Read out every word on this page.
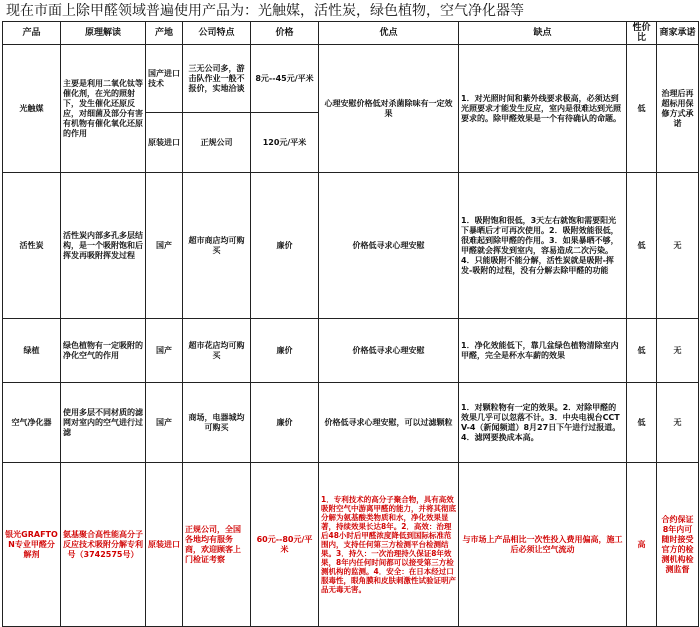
现在市面上除甲醛领域普遍使用产品为：光触媒，活性炭，绿色植物，空气净化器等
产品	原理解读	产地	公司特点	价格	优点	缺点	性价比	商家承诺
光触媒	主要是利用二氧化钛等催化剂，在光的照射下，发生催化还原反应，对细菌及部分有害有机物有催化氧化还原的作用	国产进口技术	三无公司多，游击队作业一般不报价，实地洽谈	8元--45元/平米	心理安慰价格低对杀菌除味有一定效果	1．对光照时间和紫外线要求极高，必须达到光照要求才能发生反应，室内是很难达到光照要求的。除甲醛效果是一个有待确认的命题。	低	治理后再超标用保修方式承诺
		原装进口	正规公司	120元/平米				
活性炭	活性炭内部多孔多层结构，是一个吸附饱和后挥发再吸附挥发过程	国产	超市商店均可购买	廉价	价格低寻求心理安慰	1．吸附饱和很低，3天左右就饱和需要阳光下暴晒后才可再次使用。2．吸附效能很低，很难起到除甲醛的作用。3．如果暴晒不够，甲醛就会挥发到室内，容易造成二次污染。4．只能吸附不能分解，活性炭就是吸附-挥发-吸附的过程，没有分解去除甲醛的功能	低	无
绿植	绿色植物有一定吸附的净化空气的作用	国产	超市花店均可购买	廉价	价格低寻求心理安慰	1．净化效能低下，靠几盆绿色植物清除室内甲醛，完全是杯水车薪的效果	低	无
空气净化器	使用多层不同材质的滤网对室内的空气进行过滤	国产	商场，电器城均可购买	廉价	价格低寻求心理安慰，可以过滤颗粒	1．对颗粒物有一定的效果。2．对除甲醛的效果几乎可以忽落不计。3．中央电视台CCTV-4（新闻频道）8月27日下午进行过报道。4．滤网要换成本高。	低	无
银光GRAFTON专业甲醛分解剂	氨基聚合高性能高分子反应技术吸附分解专利号（3742575号）	原装进口	正规公司，全国各地均有服务商，欢迎顾客上门检证考察	60元--80元/平米	1．专利技术的高分子聚合物，具有高效吸附空气中游离甲醛的能力，并将其彻底分解为氨基酸类物质和水，净化效果显著，持续效果长达8年。2．高效：治理后48小时后甲醛浓度降低到国际标准范围内，支持任何第三方检测平台检测结果。3．持久：一次治理持久保证8年效果，8年内任何时间都可以接受第三方检测机构的监测。4．安全：在日本经过口服毒性，眼角膜和皮肤刺激性试验证明产品无毒无害。	与市场上产品相比一次性投入费用偏高，施工后必须让空气流动	高	合约保证8年内可随时接受官方的检测机构检测监督
